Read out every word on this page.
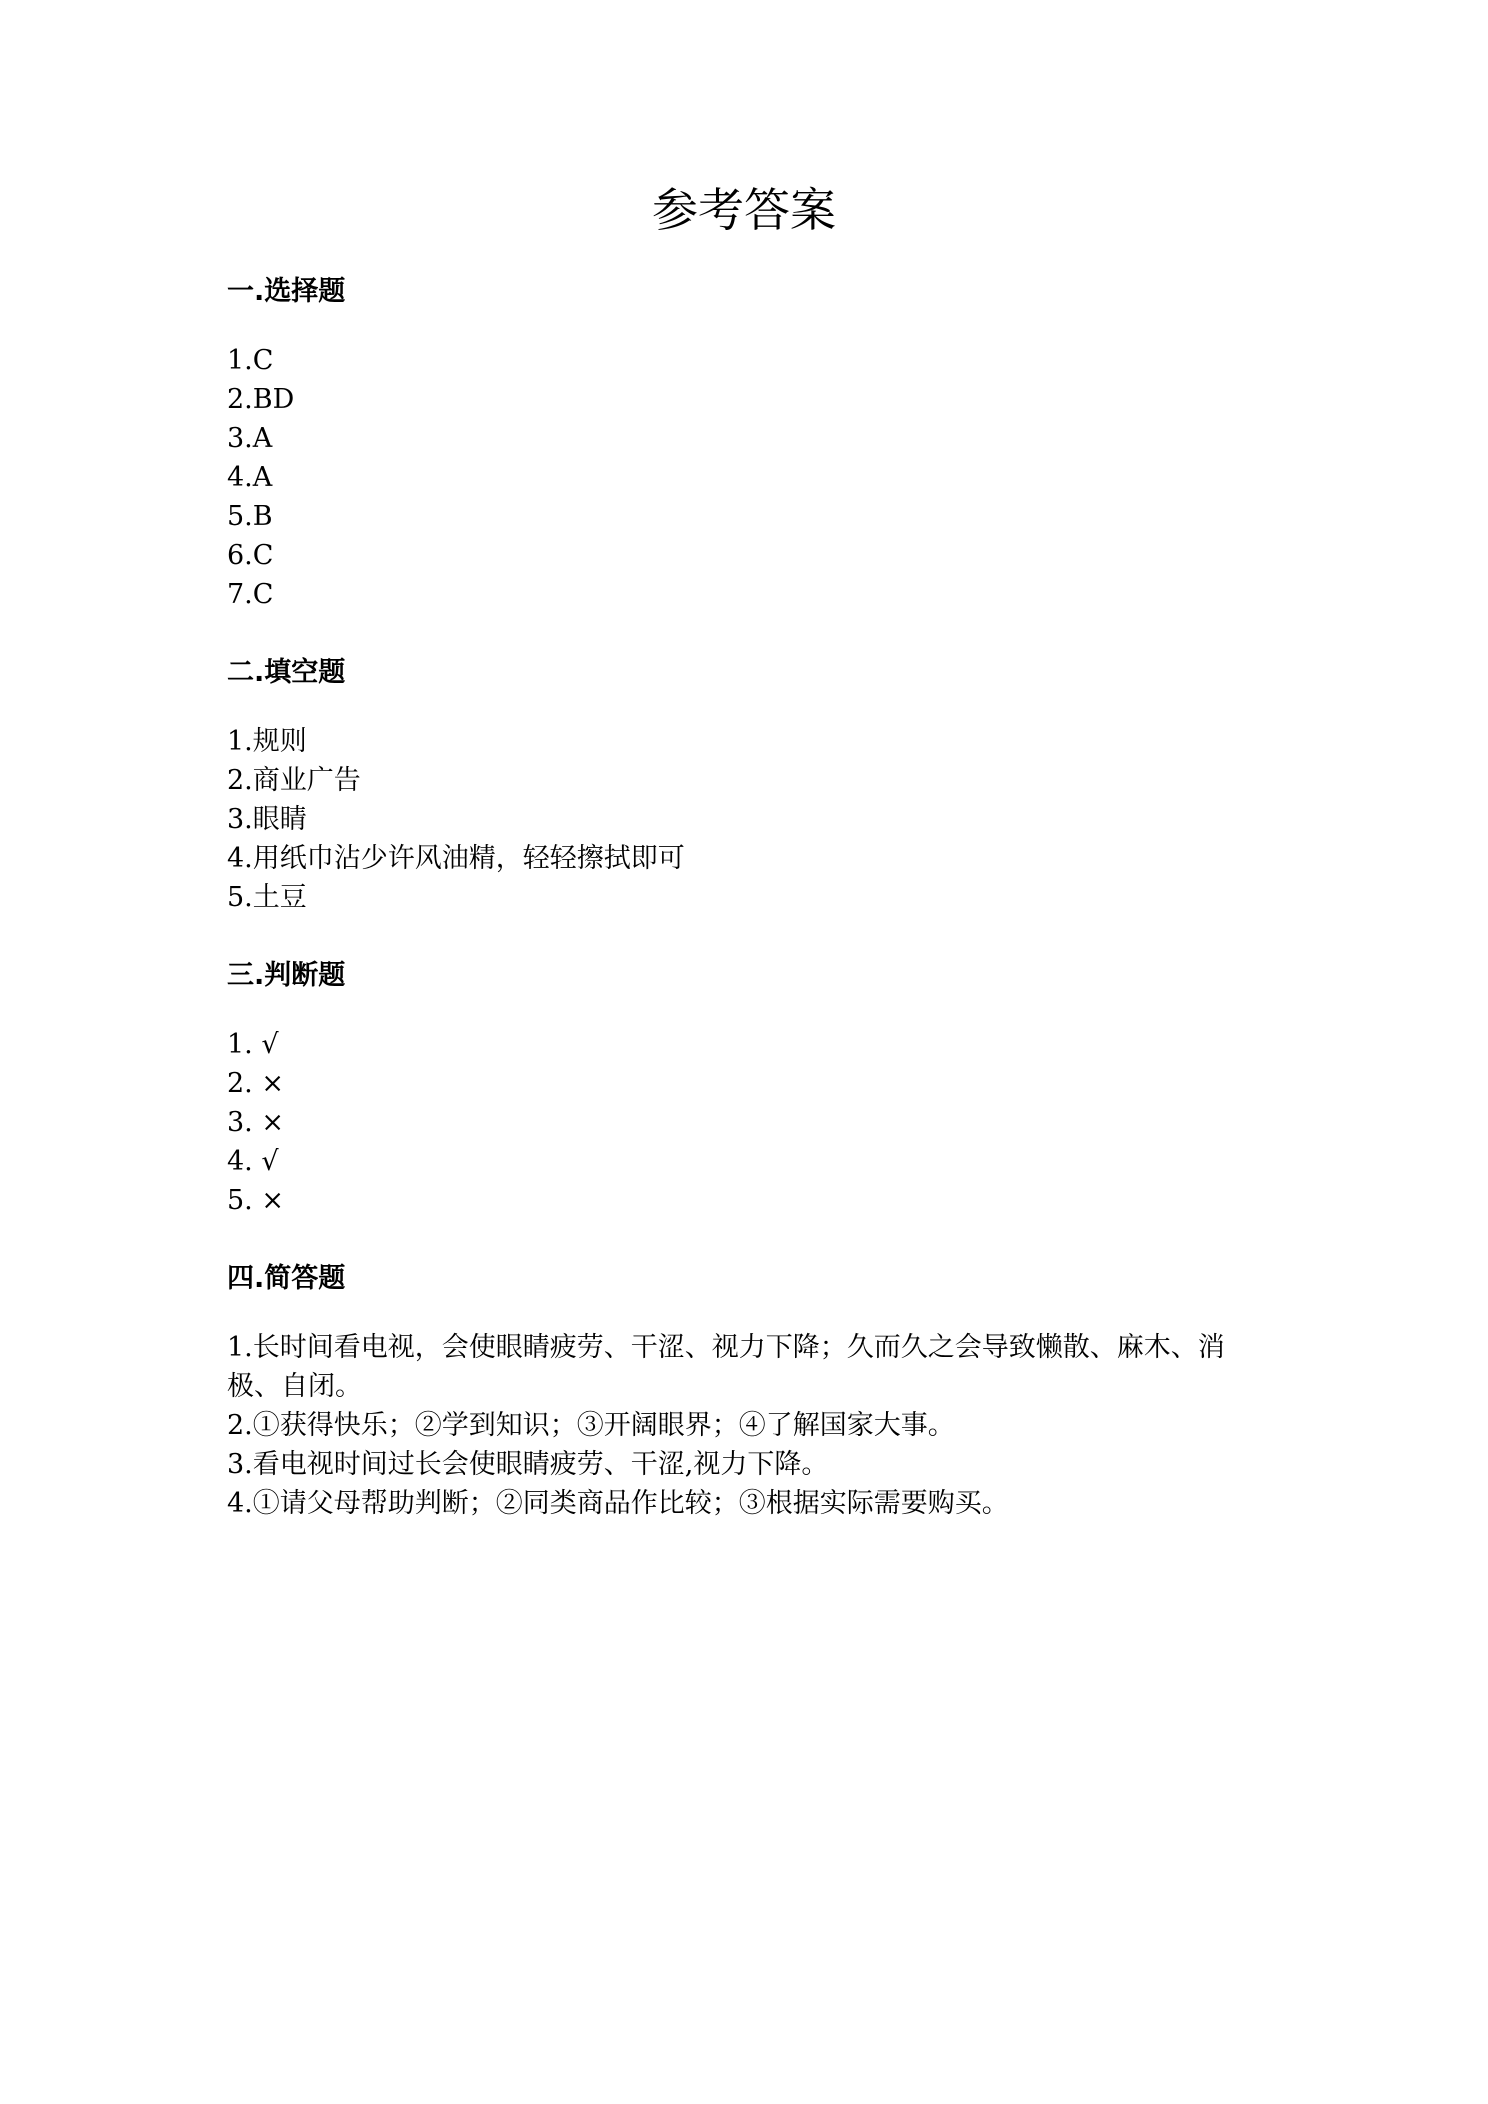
参考答案
一.选择题
1.C
2.BD
3.A
4.A
5.B
6.C
7.C
二.填空题
1.规则
2.商业广告
3.眼睛
4.用纸巾沾少许风油精，轻轻擦拭即可
5.土豆
三.判断题
1. √
2. ×
3. ×
4. √
5. ×
四.简答题
1.长时间看电视，会使眼睛疲劳、干涩、视力下降；久而久之会导致懒散、麻木、消极、自闭。
2.①获得快乐；②学到知识；③开阔眼界；④了解国家大事。
3.看电视时间过长会使眼睛疲劳、干涩,视力下降。
4.①请父母帮助判断；②同类商品作比较；③根据实际需要购买。
